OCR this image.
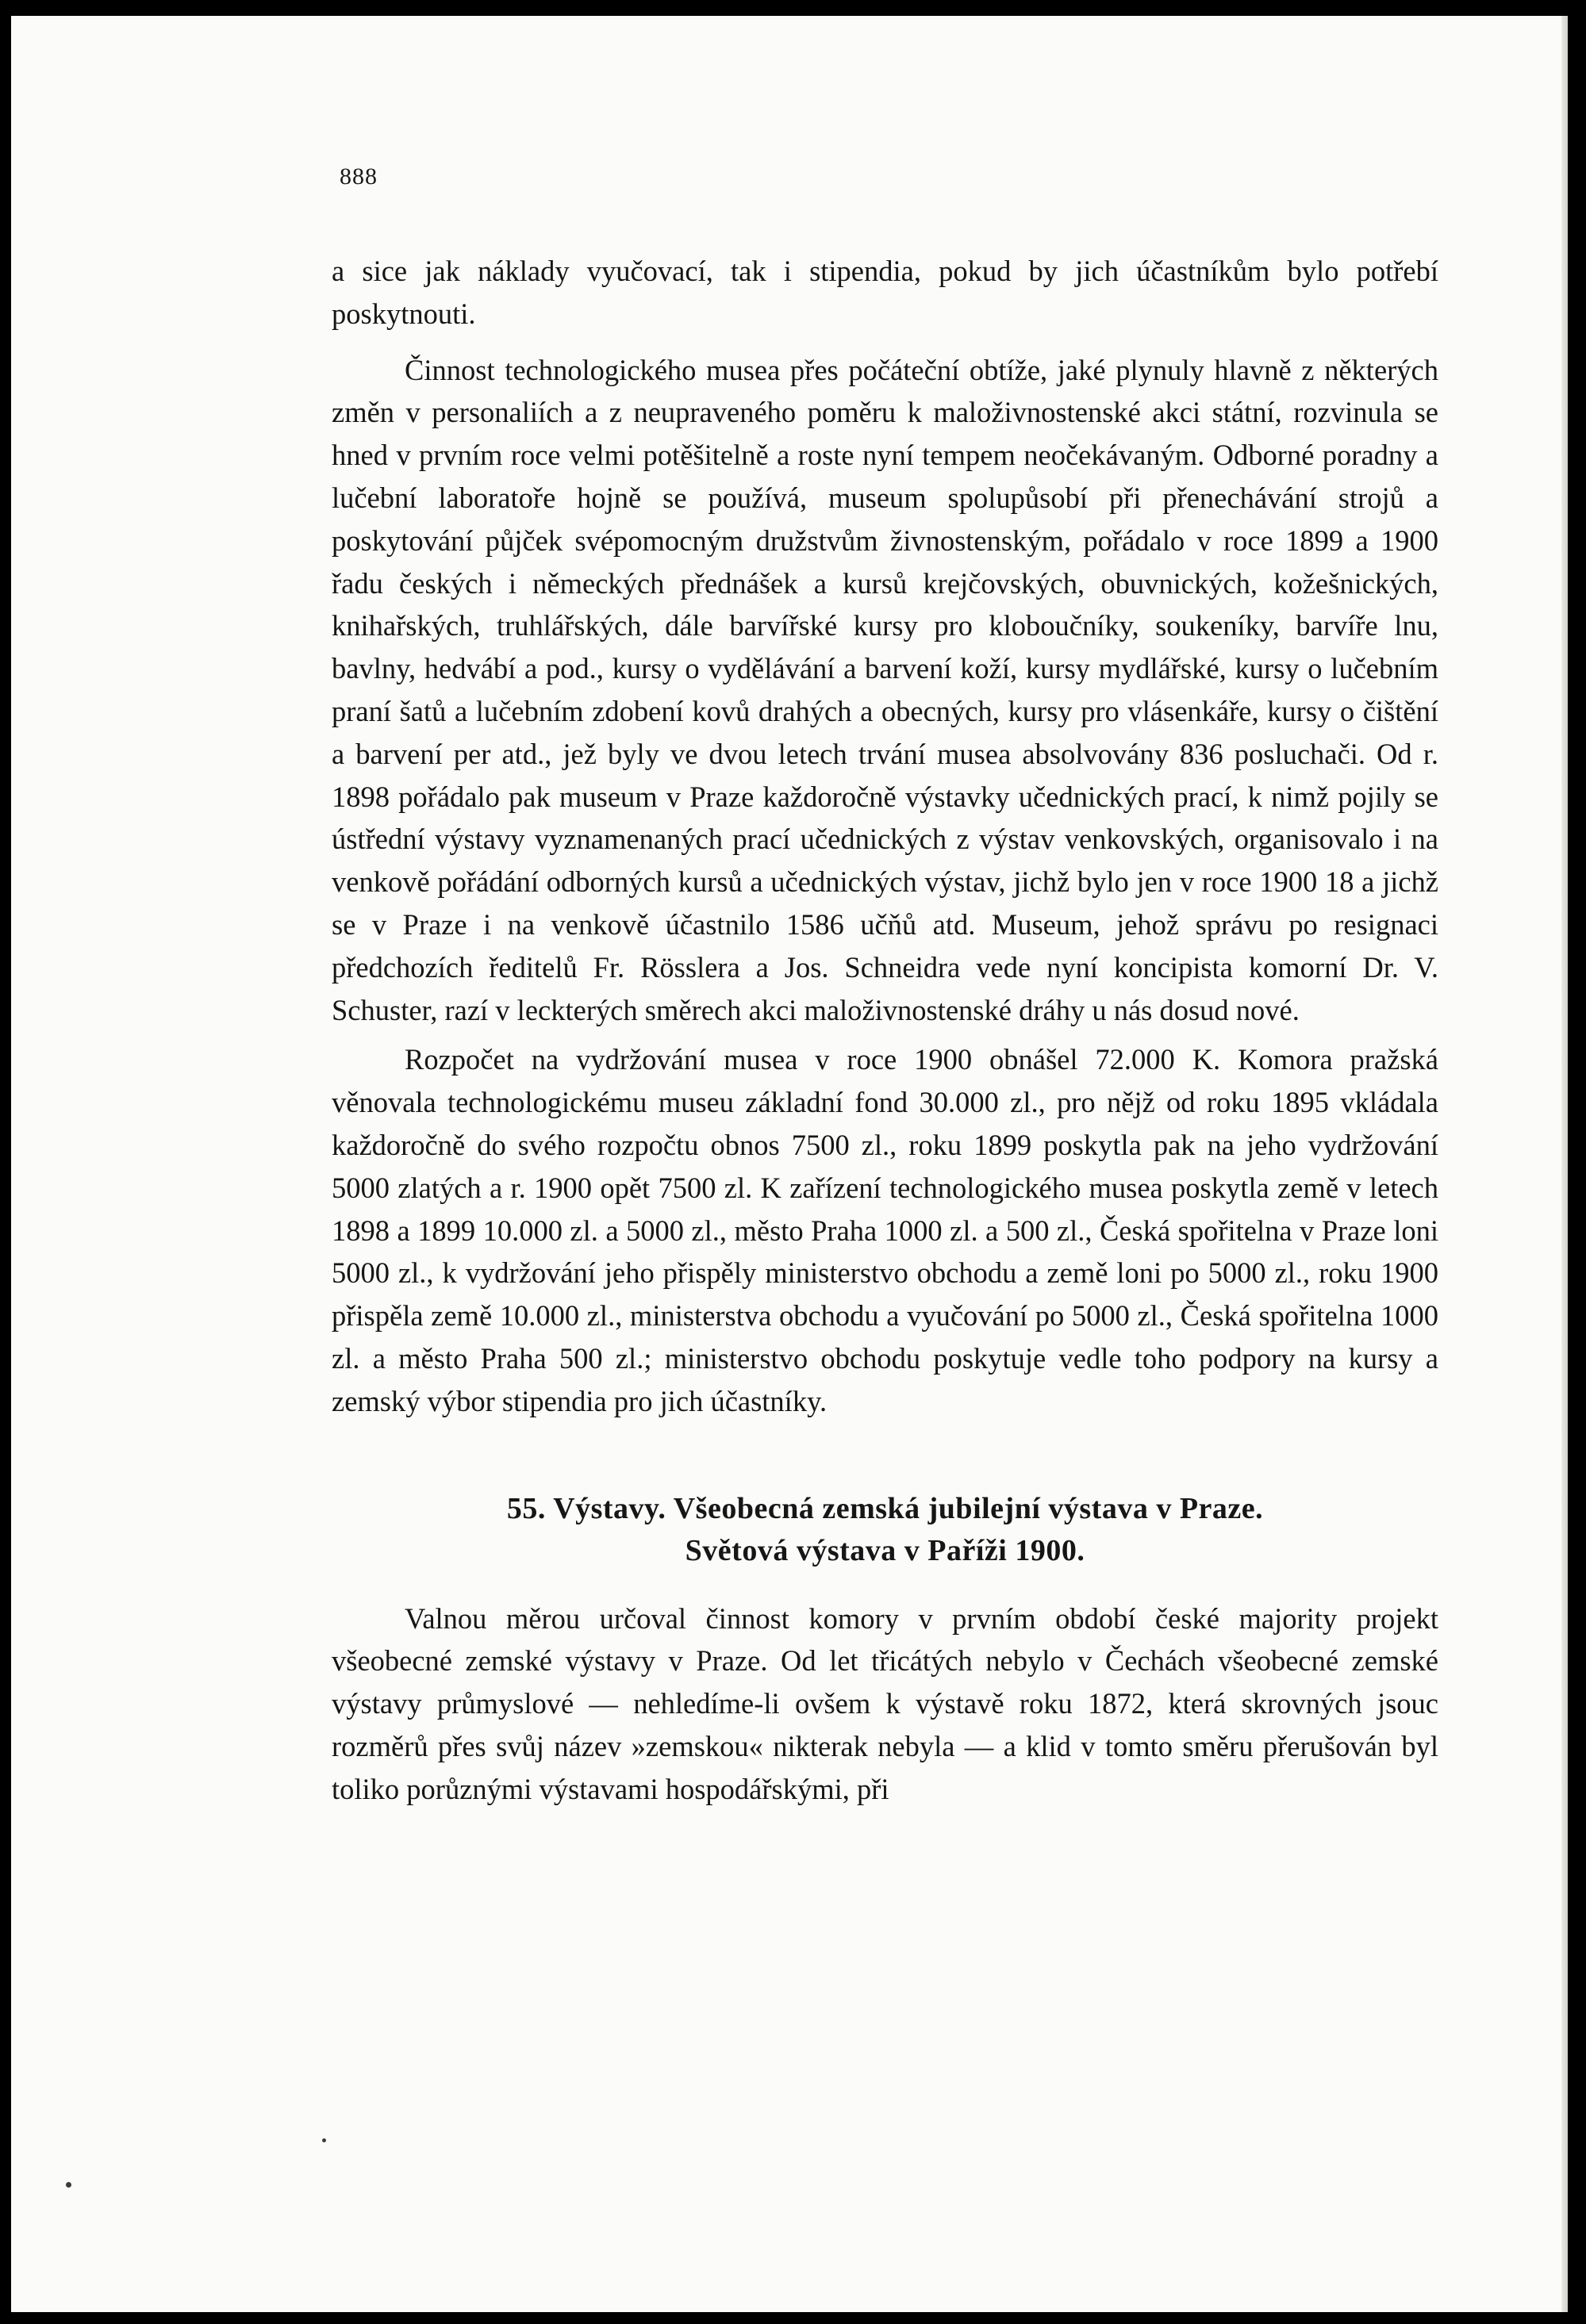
888

a sice jak náklady vyučovací, tak i stipendia, pokud by jich účastníkům bylo potřebí poskytnouti.

Činnost technologického musea přes počáteční obtíže, jaké plynuly hlavně z některých změn v personaliích a z neupraveného poměru k maloživnostenské akci státní, rozvinula se hned v prvním roce velmi potěšitelně a roste nyní tempem neočekávaným. Odborné poradny a lučební laboratoře hojně se používá, museum spolupůsobí při přenechávání strojů a poskytování půjček svépomocným družstvům živnostenským, pořádalo v roce 1899 a 1900 řadu českých i německých přednášek a kursů krejčovských, obuvnických, kožešnických, knihařských, truhlářských, dále barvířské kursy pro kloboučníky, soukeníky, barvíře lnu, bavlny, hedvábí a pod., kursy o vydělávání a barvení koží, kursy mydlářské, kursy o lučebním praní šatů a lučebním zdobení kovů drahých a obecných, kursy pro vlásenkáře, kursy o čištění a barvení per atd., jež byly ve dvou letech trvání musea absolvovány 836 posluchači. Od r. 1898 pořádalo pak museum v Praze každoročně výstavky učednických prací, k nimž pojily se ústřední výstavy vyznamenaných prací učednických z výstav venkovských, organisovalo i na venkově pořádání odborných kursů a učednických výstav, jichž bylo jen v roce 1900 18 a jichž se v Praze i na venkově účastnilo 1586 učňů atd. Museum, jehož správu po resignaci předchozích ředitelů Fr. Rösslera a Jos. Schneidra vede nyní koncipista komorní Dr. V. Schuster, razí v leckterých směrech akci maloživnostenské dráhy u nás dosud nové.

Rozpočet na vydržování musea v roce 1900 obnášel 72.000 K. Komora pražská věnovala technologickému museu základní fond 30.000 zl., pro nějž od roku 1895 vkládala každoročně do svého rozpočtu obnos 7500 zl., roku 1899 poskytla pak na jeho vydržování 5000 zlatých a r. 1900 opět 7500 zl. K zařízení technologického musea poskytla země v letech 1898 a 1899 10.000 zl. a 5000 zl., město Praha 1000 zl. a 500 zl., Česká spořitelna v Praze loni 5000 zl., k vydržování jeho přispěly ministerstvo obchodu a země loni po 5000 zl., roku 1900 přispěla země 10.000 zl., ministerstva obchodu a vyučování po 5000 zl., Česká spořitelna 1000 zl. a město Praha 500 zl.; ministerstvo obchodu poskytuje vedle toho podpory na kursy a zemský výbor stipendia pro jich účastníky.

55. Výstavy. Všeobecná zemská jubilejní výstava v Praze.
Světová výstava v Paříži 1900.

Valnou měrou určoval činnost komory v prvním období české majority projekt všeobecné zemské výstavy v Praze. Od let třicátých nebylo v Čechách všeobecné zemské výstavy průmyslové — nehledíme-li ovšem k výstavě roku 1872, která skrovných jsouc rozměrů přes svůj název »zemskou« nikterak nebyla — a klid v tomto směru přerušován byl toliko porůznými výstavami hospodářskými, při
